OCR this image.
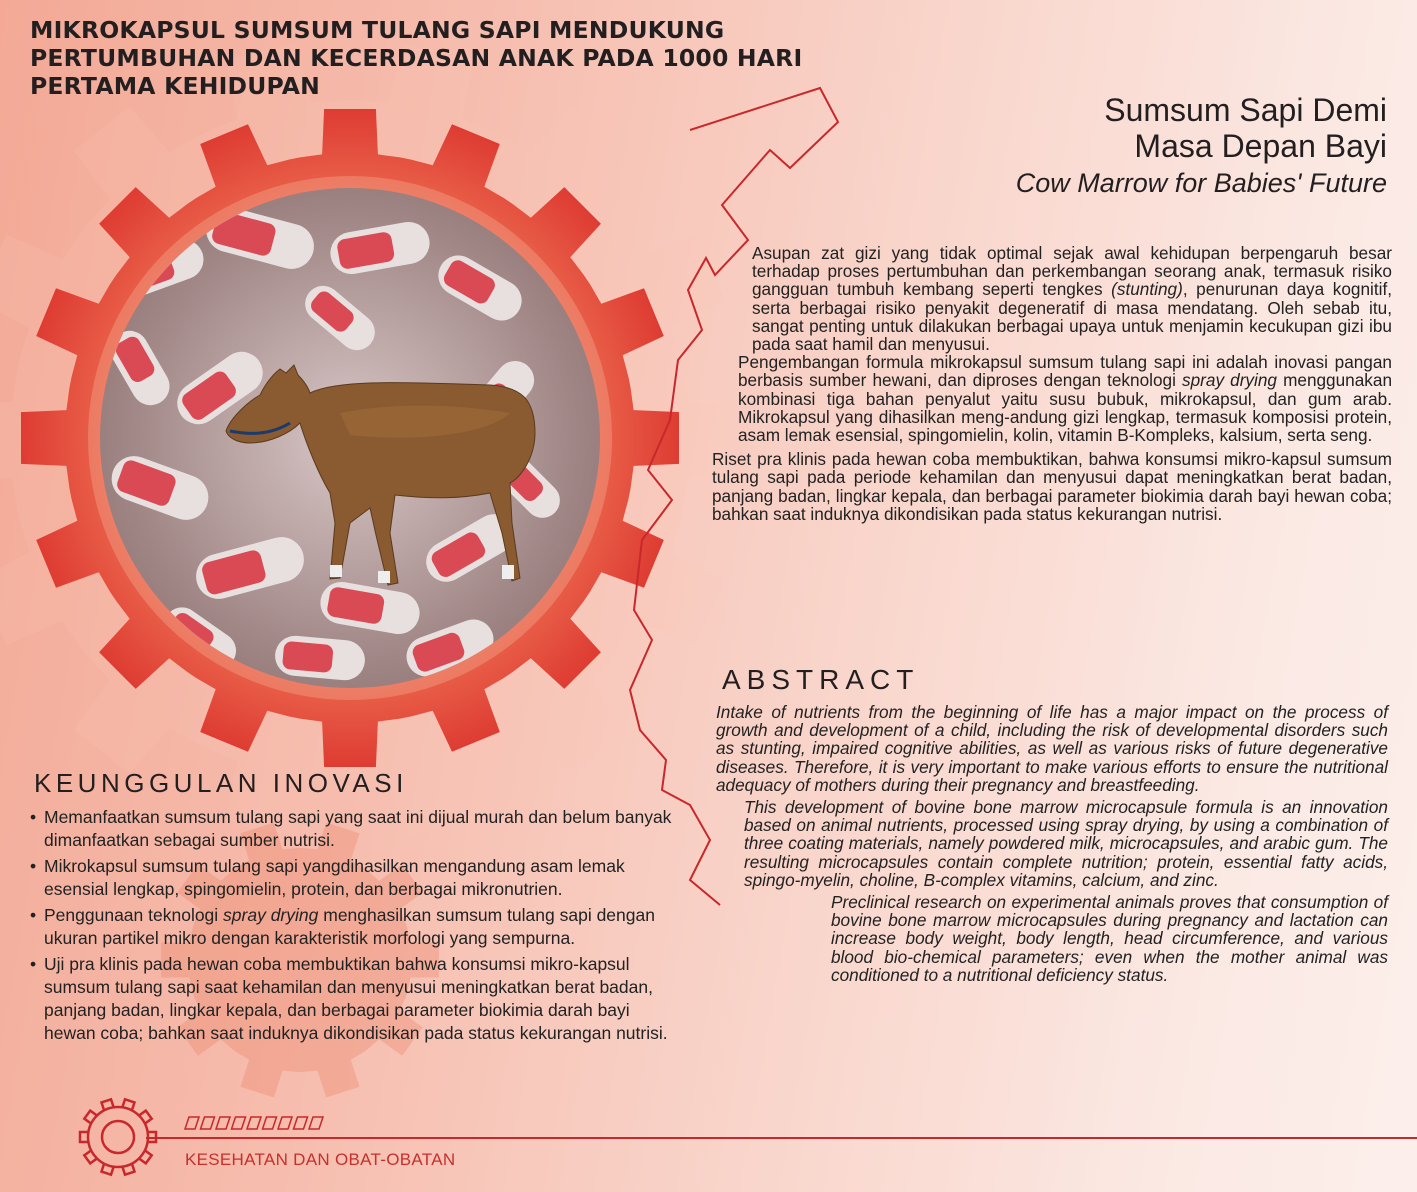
MIKROKAPSUL SUMSUM TULANG SAPI MENDUKUNG PERTUMBUHAN DAN KECERDASAN ANAK PADA 1000 HARI PERTAMA KEHIDUPAN
Sumsum Sapi Demi
Masa Depan Bayi
Cow Marrow for Babies' Future

Asupan zat gizi yang tidak optimal sejak awal kehidupan berpengaruh besar terhadap proses pertumbuhan dan perkembangan seorang anak, termasuk risiko gangguan tumbuh kembang seperti tengkes (stunting), penurunan daya kognitif, serta berbagai risiko penyakit degeneratif di masa mendatang. Oleh sebab itu, sangat penting untuk dilakukan berbagai upaya untuk menjamin kecukupan gizi ibu pada saat hamil dan menyusui.

Pengembangan formula mikrokapsul sumsum tulang sapi ini adalah inovasi pangan berbasis sumber hewani, dan diproses dengan teknologi spray drying menggunakan kombinasi tiga bahan penyalut yaitu susu bubuk, mikrokapsul, dan gum arab. Mikrokapsul yang dihasilkan meng-andung gizi lengkap, termasuk komposisi protein, asam lemak esensial, spingomielin, kolin, vitamin B-Kompleks, kalsium, serta seng.

Riset pra klinis pada hewan coba membuktikan, bahwa konsumsi mikro-kapsul sumsum tulang sapi pada periode kehamilan dan menyusui dapat meningkatkan berat badan, panjang badan, lingkar kepala, dan berbagai parameter biokimia darah bayi hewan coba; bahkan saat induknya dikondisikan pada status kekurangan nutrisi.

ABSTRACT

Intake of nutrients from the beginning of life has a major impact on the process of growth and development of a child, including the risk of developmental disorders such as stunting, impaired cognitive abilities, as well as various risks of future degenerative diseases. Therefore, it is very important to make various efforts to ensure the nutritional adequacy of mothers during their pregnancy and breastfeeding.

This development of bovine bone marrow microcapsule formula is an innovation based on animal nutrients, processed using spray drying, by using a combination of three coating materials, namely powdered milk, microcapsules, and arabic gum. The resulting microcapsules contain complete nutrition; protein, essential fatty acids, spingo-myelin, choline, B-complex vitamins, calcium, and zinc.

Preclinical research on experimental animals proves that consumption of bovine bone marrow microcapsules during pregnancy and lactation can increase body weight, body length, head circumference, and various blood bio-chemical parameters; even when the mother animal was conditioned to a nutritional deficiency status.

KEUNGGULAN INOVASI
• Memanfaatkan sumsum tulang sapi yang saat ini dijual murah dan belum banyak dimanfaatkan sebagai sumber nutrisi.
• Mikrokapsul sumsum tulang sapi yangdihasilkan mengandung asam lemak esensial lengkap, spingomielin, protein, dan berbagai mikronutrien.
• Penggunaan teknologi spray drying menghasilkan sumsum tulang sapi dengan ukuran partikel mikro dengan karakteristik morfologi yang sempurna.
• Uji pra klinis pada hewan coba membuktikan bahwa konsumsi mikro-kapsul sumsum tulang sapi saat kehamilan dan menyusui meningkatkan berat badan, panjang badan, lingkar kepala, dan berbagai parameter biokimia darah bayi hewan coba; bahkan saat induknya dikondisikan pada status kekurangan nutrisi.
KESEHATAN DAN OBAT-OBATAN
